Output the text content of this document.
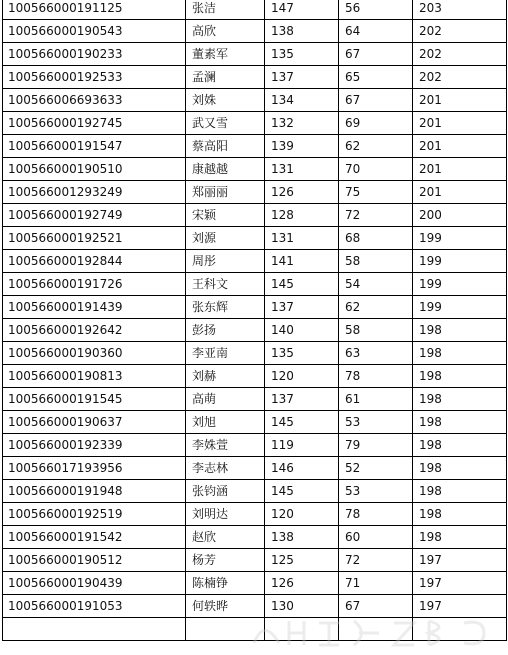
100566000191125	张洁	147	56	203
100566000190543	高欣	138	64	202
100566000190233	董素军	135	67	202
100566000192533	孟澜	137	65	202
100566006693633	刘姝	134	67	201
100566000192745	武又雪	132	69	201
100566000191547	蔡高阳	139	62	201
100566000190510	康越越	131	70	201
100566001293249	郑丽丽	126	75	201
100566000192749	宋颖	128	72	200
100566000192521	刘源	131	68	199
100566000192844	周彤	141	58	199
100566000191726	王科文	145	54	199
100566000191439	张东辉	137	62	199
100566000192642	彭扬	140	58	198
100566000190360	李亚南	135	63	198
100566000190813	刘赫	120	78	198
100566000191545	高萌	137	61	198
100566000190637	刘旭	145	53	198
100566000192339	李姝萱	119	79	198
100566017193956	李志林	146	52	198
100566000191948	张钧涵	145	53	198
100566000192519	刘明达	120	78	198
100566000191542	赵欣	138	60	198
100566000190512	杨芳	125	72	197
100566000190439	陈楠铮	126	71	197
100566000191053	何轶晔	130	67	197
